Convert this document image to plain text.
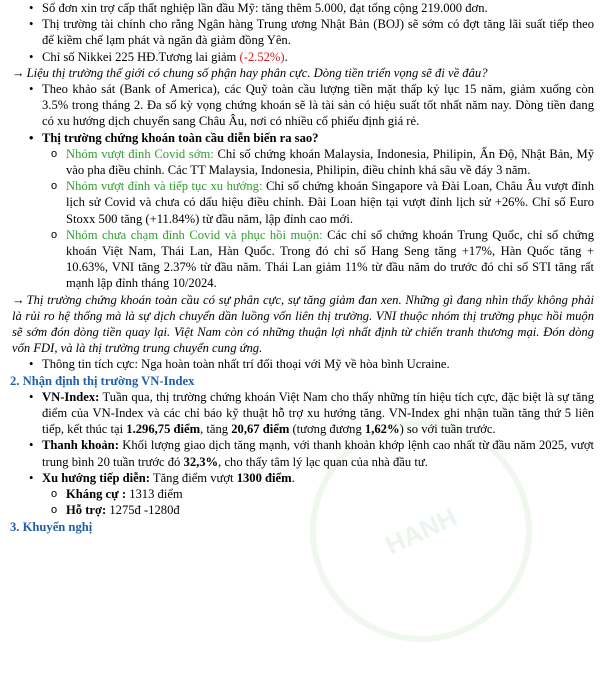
HANH
• Số đơn xin trợ cấp thất nghiệp lần đầu Mỹ: tăng thêm 5.000, đạt tổng cộng 219.000 đơn.
• Thị trường tài chính cho rằng Ngân hàng Trung ương Nhật Bản (BOJ) sẽ sớm có đợt tăng lãi suất tiếp theo để kiềm chế lạm phát và ngăn đà giảm đồng Yên.
• Chỉ số Nikkei 225 HĐ.Tương lai giảm (-2.52%).
→ Liệu thị trường thế giới có chung số phận hay phân cực. Dòng tiền triển vọng sẽ đi về đâu?
• Theo khảo sát (Bank of America), các Quỹ toàn cầu lượng tiền mặt thấp kỷ lục 15 năm, giảm xuống còn 3.5% trong tháng 2. Đa số kỳ vọng chứng khoán sẽ là tài sản có hiệu suất tốt nhất năm nay. Dòng tiền đang có xu hướng dịch chuyển sang Châu Âu, nơi có nhiều cổ phiếu định giá rẻ.
• Thị trường chứng khoán toàn cầu diễn biến ra sao?
o Nhóm vượt đỉnh Covid sớm: Chỉ số chứng khoán Malaysia, Indonesia, Philipin, Ấn Độ, Nhật Bản, Mỹ vào pha điều chỉnh. Các TT Malaysia, Indonesia, Philipin, điều chỉnh khá sâu về đáy 3 năm.
o Nhóm vượt đỉnh và tiếp tục xu hướng: Chỉ số chứng khoán Singapore và Đài Loan, Châu Âu vượt đỉnh lịch sử Covid và chưa có dấu hiệu điều chỉnh. Đài Loan hiện tại vượt đỉnh lịch sử +26%. Chỉ số Euro Stoxx 500 tăng (+11.84%) từ đầu năm, lập đỉnh cao mới.
o Nhóm chưa chạm đỉnh Covid và phục hồi muộn: Các chỉ số chứng khoán Trung Quốc, chỉ số chứng khoán Việt Nam, Thái Lan, Hàn Quốc. Trong đó chỉ số Hang Seng tăng +17%, Hàn Quốc tăng + 10.63%, VNI tăng 2.37% từ đầu năm. Thái Lan giảm 11% từ đầu năm do trước đó chỉ số STI tăng rất mạnh lập đỉnh tháng 10/2024.
→ Thị trường chứng khoán toàn cầu có sự phân cực, sự tăng giảm đan xen. Những gì đang nhìn thấy không phải là rủi ro hệ thống mà là sự dịch chuyển dần luồng vốn liên thị trường. VNI thuộc nhóm thị trường phục hồi muộn sẽ sớm đón dòng tiền quay lại. Việt Nam còn có những thuận lợi nhất định từ chiến tranh thương mại. Đón dòng vốn FDI, và là thị trường trung chuyển cung ứng.
• Thông tin tích cực: Nga hoàn toàn nhất trí đối thoại với Mỹ về hòa bình Ucraine.
2. Nhận định thị trường VN-Index
• VN-Index: Tuần qua, thị trường chứng khoán Việt Nam cho thấy những tín hiệu tích cực, đặc biệt là sự tăng điểm của VN-Index và các chỉ báo kỹ thuật hỗ trợ xu hướng tăng. VN-Index ghi nhận tuần tăng thứ 5 liên tiếp, kết thúc tại 1.296,75 điểm, tăng 20,67 điểm (tương đương 1,62%) so với tuần trước.
• Thanh khoản: Khối lượng giao dịch tăng mạnh, với thanh khoản khớp lệnh cao nhất từ đầu năm 2025, vượt trung bình 20 tuần trước đó 32,3%, cho thấy tâm lý lạc quan của nhà đầu tư.
• Xu hướng tiếp diễn: Tăng điểm vượt 1300 điểm.
o Kháng cự : 1313 điểm
o Hỗ trợ: 1275đ -1280đ
3. Khuyến nghị
